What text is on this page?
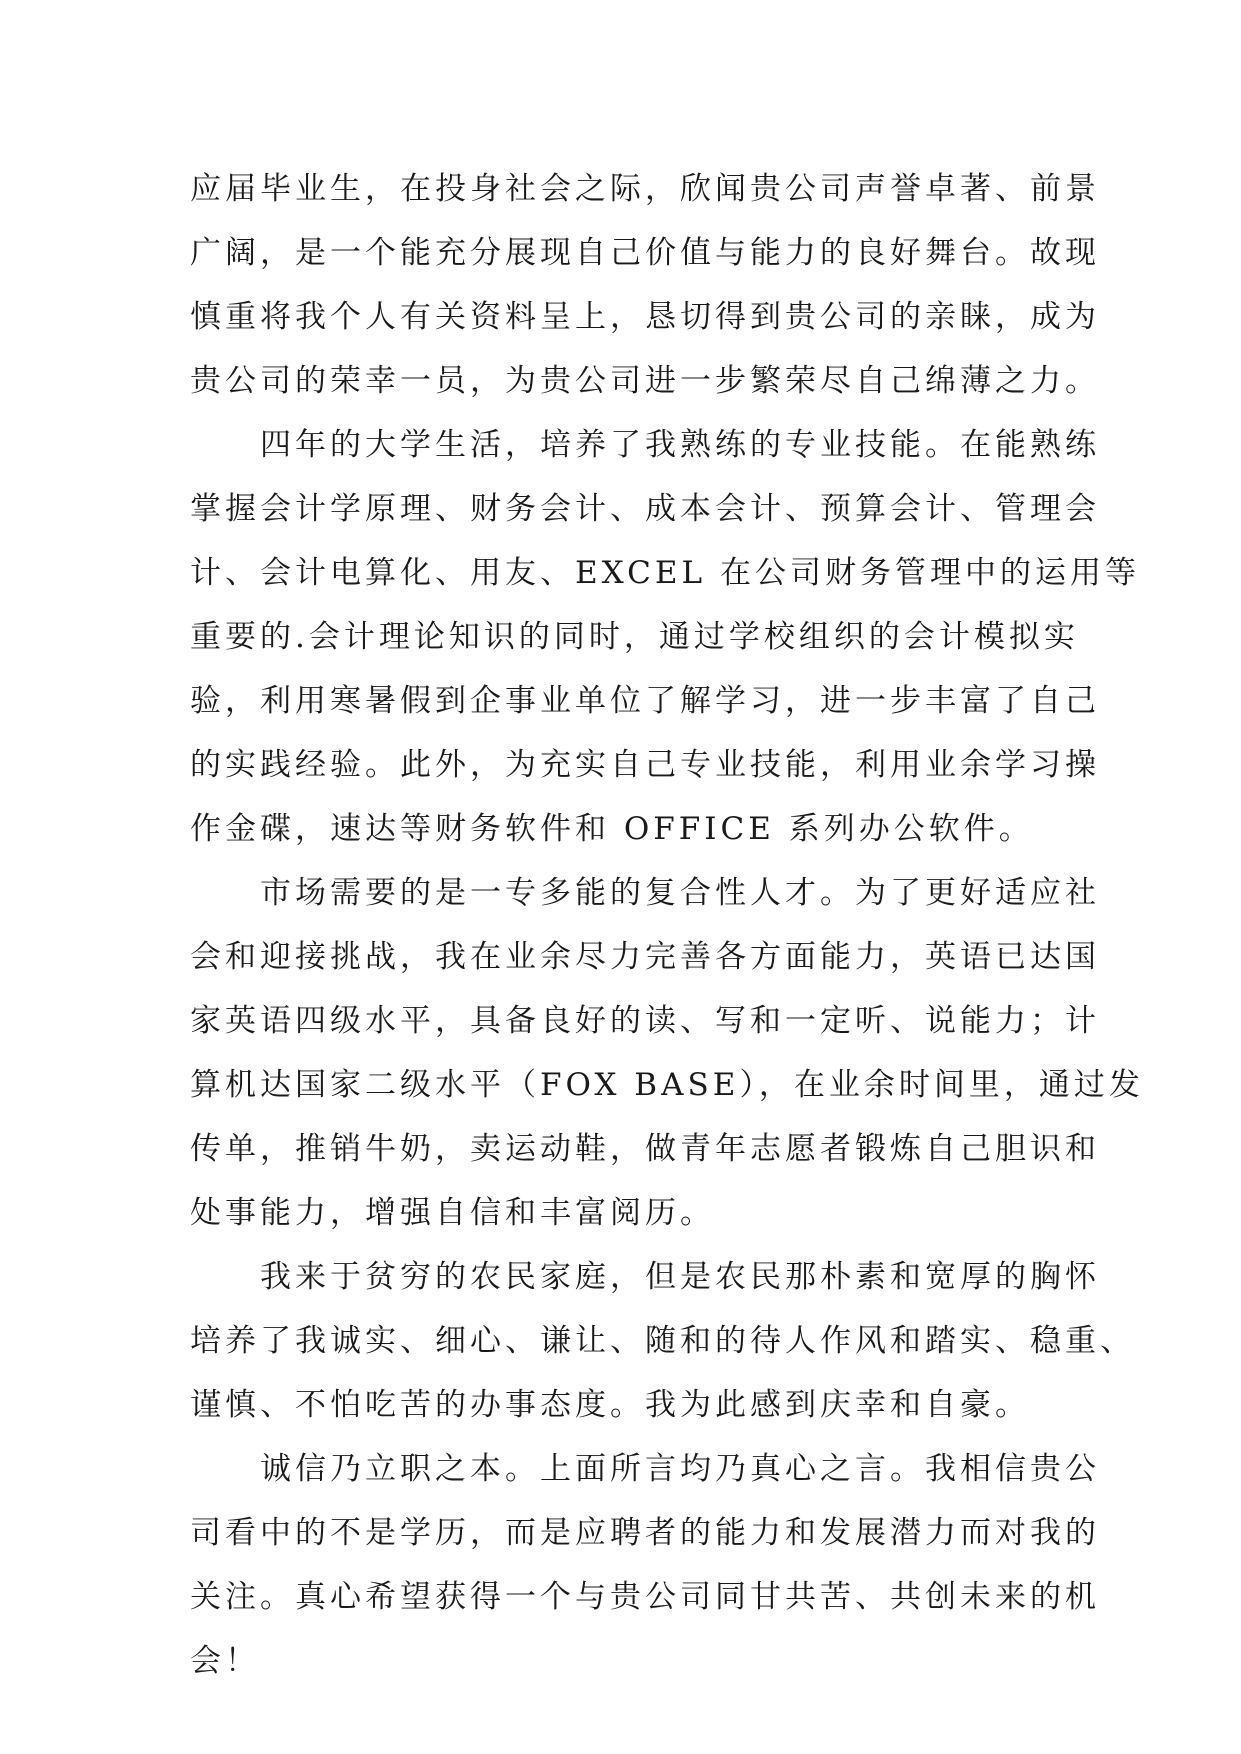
应届毕业生，在投身社会之际，欣闻贵公司声誉卓著、前景
广阔，是一个能充分展现自己价值与能力的良好舞台。故现
慎重将我个人有关资料呈上，恳切得到贵公司的亲睐，成为
贵公司的荣幸一员，为贵公司进一步繁荣尽自己绵薄之力。
四年的大学生活，培养了我熟练的专业技能。在能熟练
掌握会计学原理、财务会计、成本会计、预算会计、管理会
计、会计电算化、用友、EXCEL 在公司财务管理中的运用等
重要的.会计理论知识的同时，通过学校组织的会计模拟实
验，利用寒暑假到企事业单位了解学习，进一步丰富了自己
的实践经验。此外，为充实自己专业技能，利用业余学习操
作金碟，速达等财务软件和 OFFICE 系列办公软件。
市场需要的是一专多能的复合性人才。为了更好适应社
会和迎接挑战，我在业余尽力完善各方面能力，英语已达国
家英语四级水平，具备良好的读、写和一定听、说能力；计
算机达国家二级水平（FOX BASE），在业余时间里，通过发
传单，推销牛奶，卖运动鞋，做青年志愿者锻炼自己胆识和
处事能力，增强自信和丰富阅历。
我来于贫穷的农民家庭，但是农民那朴素和宽厚的胸怀
培养了我诚实、细心、谦让、随和的待人作风和踏实、稳重、
谨慎、不怕吃苦的办事态度。我为此感到庆幸和自豪。
诚信乃立职之本。上面所言均乃真心之言。我相信贵公
司看中的不是学历，而是应聘者的能力和发展潜力而对我的
关注。真心希望获得一个与贵公司同甘共苦、共创未来的机
会！
